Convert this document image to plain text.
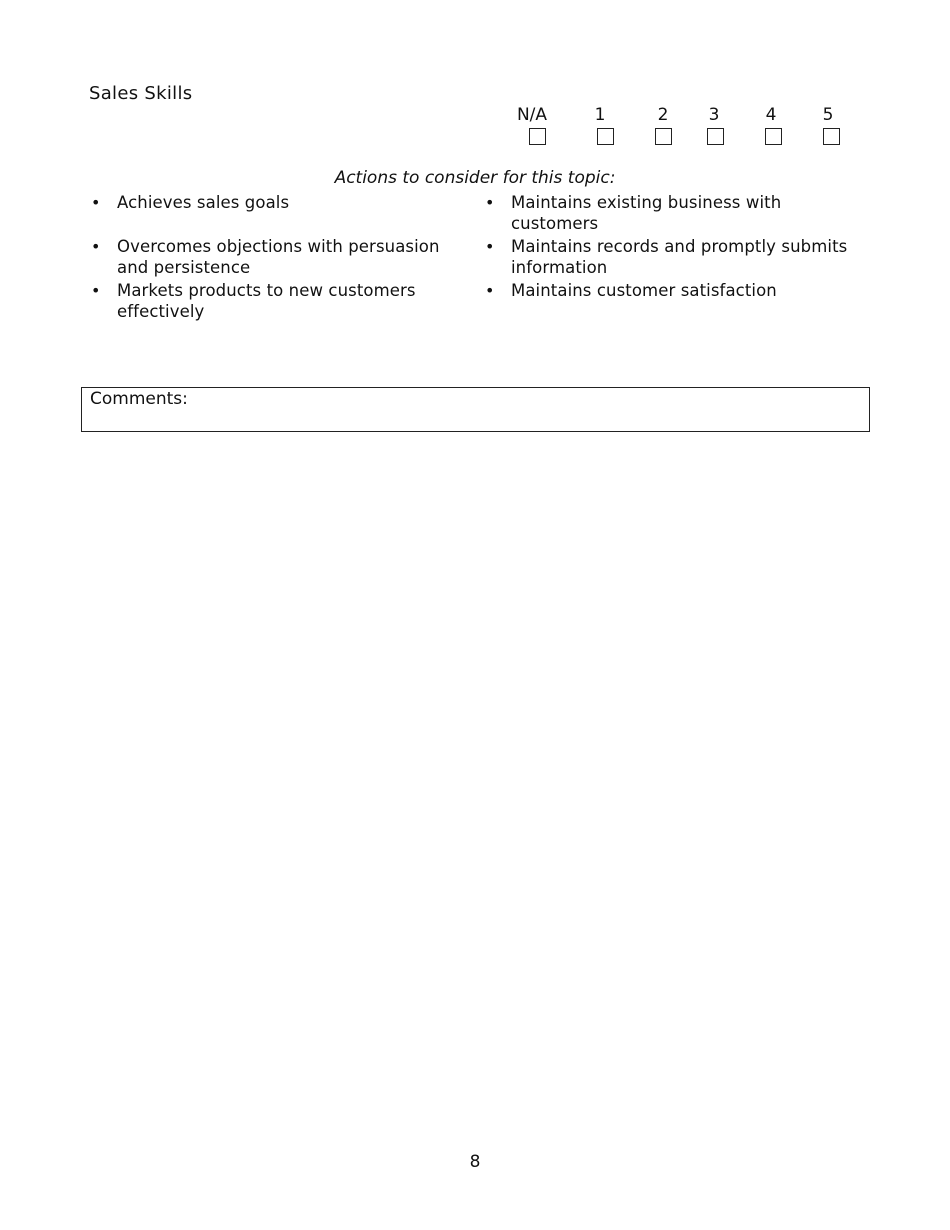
Sales Skills
N/A	1	2	3	4	5
Actions to consider for this topic:
• Achieves sales goals
• Overcomes objections with persuasion and persistence
• Markets products to new customers effectively
• Maintains existing business with customers
• Maintains records and promptly submits information
• Maintains customer satisfaction
Comments:
8
